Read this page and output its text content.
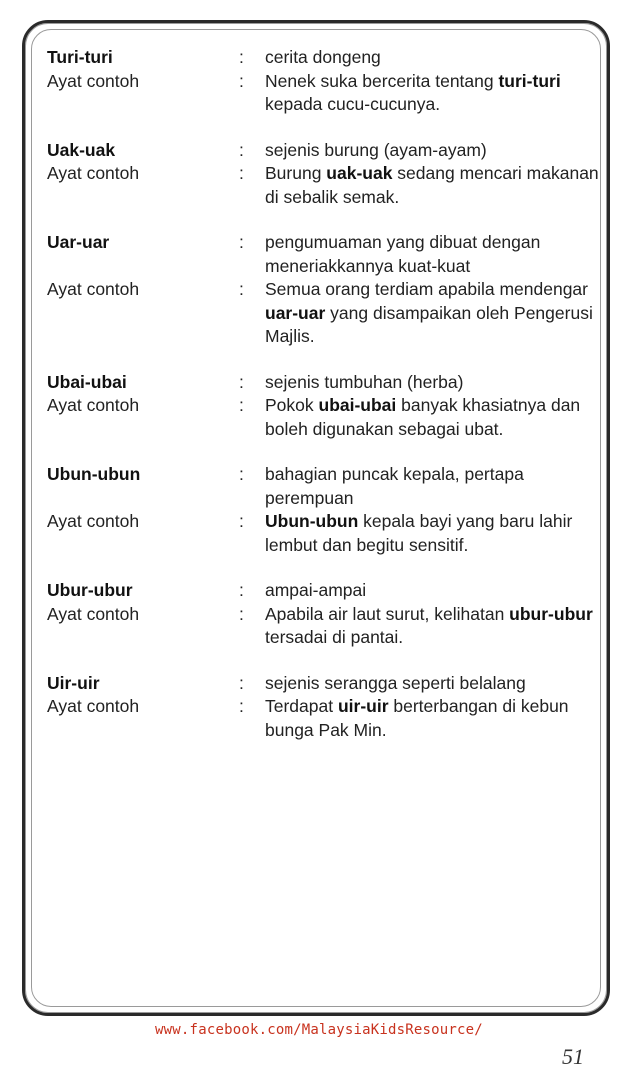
Turi-turi	:	cerita dongeng
Ayat contoh	:	Nenek suka bercerita tentang turi-turi kepada cucu-cucunya.
Uak-uak	:	sejenis burung (ayam-ayam)
Ayat contoh	:	Burung uak-uak sedang mencari makanan di sebalik semak.
Uar-uar	:	pengumuaman yang dibuat dengan meneriakkannya kuat-kuat
Ayat contoh	:	Semua orang terdiam apabila mendengar uar-uar yang disampaikan oleh Pengerusi Majlis.
Ubai-ubai	:	sejenis tumbuhan (herba)
Ayat contoh	:	Pokok ubai-ubai banyak khasiatnya dan boleh digunakan sebagai ubat.
Ubun-ubun	:	bahagian puncak kepala, pertapa perempuan
Ayat contoh	:	Ubun-ubun kepala bayi yang baru lahir lembut dan begitu sensitif.
Ubur-ubur	:	ampai-ampai
Ayat contoh	:	Apabila air laut surut, kelihatan ubur-ubur tersadai di pantai.
Uir-uir	:	sejenis serangga seperti belalang
Ayat contoh	:	Terdapat uir-uir berterbangan di kebun bunga Pak Min.
www.facebook.com/MalaysiaKidsResource/
51
